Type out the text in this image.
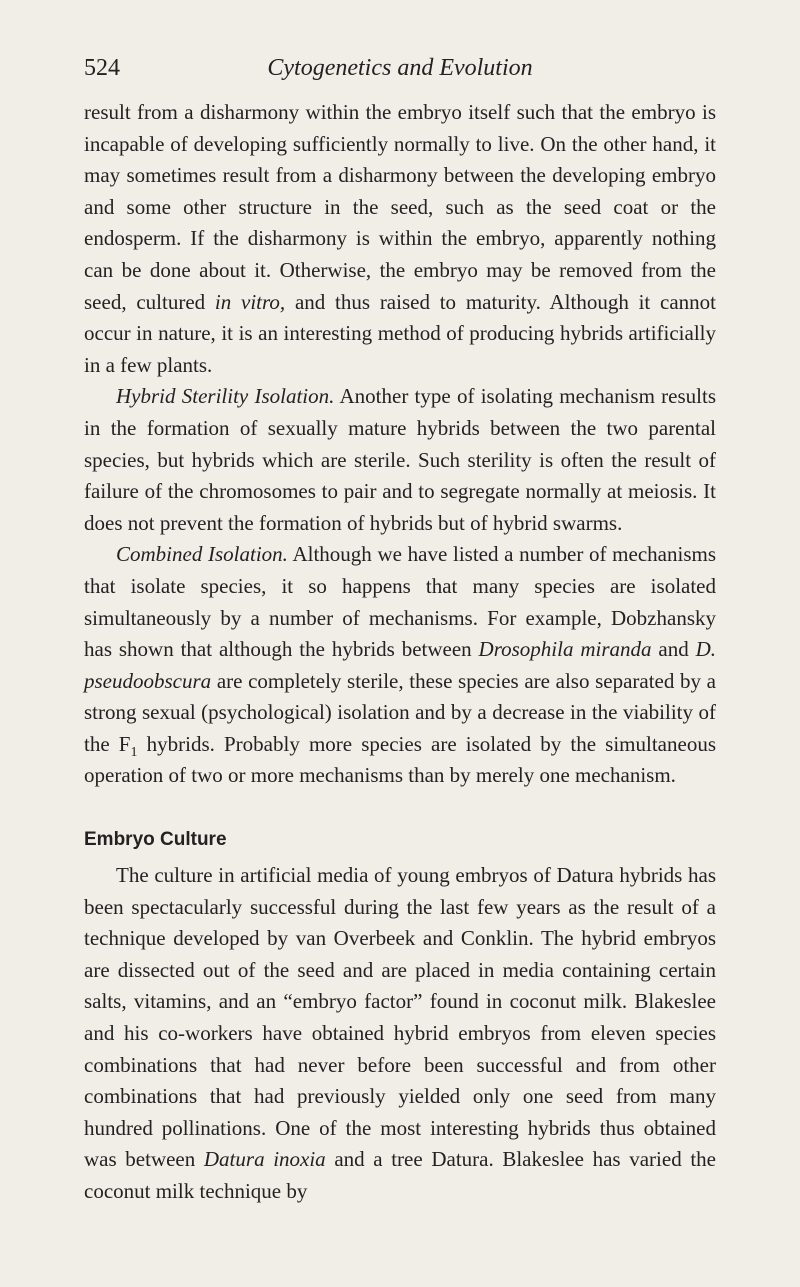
524	Cytogenetics and Evolution

result from a disharmony within the embryo itself such that the embryo is incapable of developing sufficiently normally to live. On the other hand, it may sometimes result from a disharmony between the developing embryo and some other structure in the seed, such as the seed coat or the endosperm. If the disharmony is within the embryo, apparently nothing can be done about it. Otherwise, the embryo may be removed from the seed, cultured in vitro, and thus raised to maturity. Although it cannot occur in nature, it is an interesting method of producing hybrids artificially in a few plants.

Hybrid Sterility Isolation. Another type of isolating mechanism results in the formation of sexually mature hybrids between the two parental species, but hybrids which are sterile. Such sterility is often the result of failure of the chromosomes to pair and to segregate normally at meiosis. It does not prevent the formation of hybrids but of hybrid swarms.

Combined Isolation. Although we have listed a number of mechanisms that isolate species, it so happens that many species are isolated simultaneously by a number of mechanisms. For example, Dobzhansky has shown that although the hybrids between Drosophila miranda and D. pseudoobscura are completely sterile, these species are also separated by a strong sexual (psychological) isolation and by a decrease in the viability of the $F_1$ hybrids. Probably more species are isolated by the simultaneous operation of two or more mechanisms than by merely one mechanism.

Embryo Culture

The culture in artificial media of young embryos of Datura hybrids has been spectacularly successful during the last few years as the result of a technique developed by van Overbeek and Conklin. The hybrid embryos are dissected out of the seed and are placed in media containing certain salts, vitamins, and an “embryo factor” found in coconut milk. Blakeslee and his co-workers have obtained hybrid embryos from eleven species combinations that had never before been successful and from other combinations that had previously yielded only one seed from many hundred pollinations. One of the most interesting hybrids thus obtained was between Datura inoxia and a tree Datura. Blakeslee has varied the coconut milk technique by
